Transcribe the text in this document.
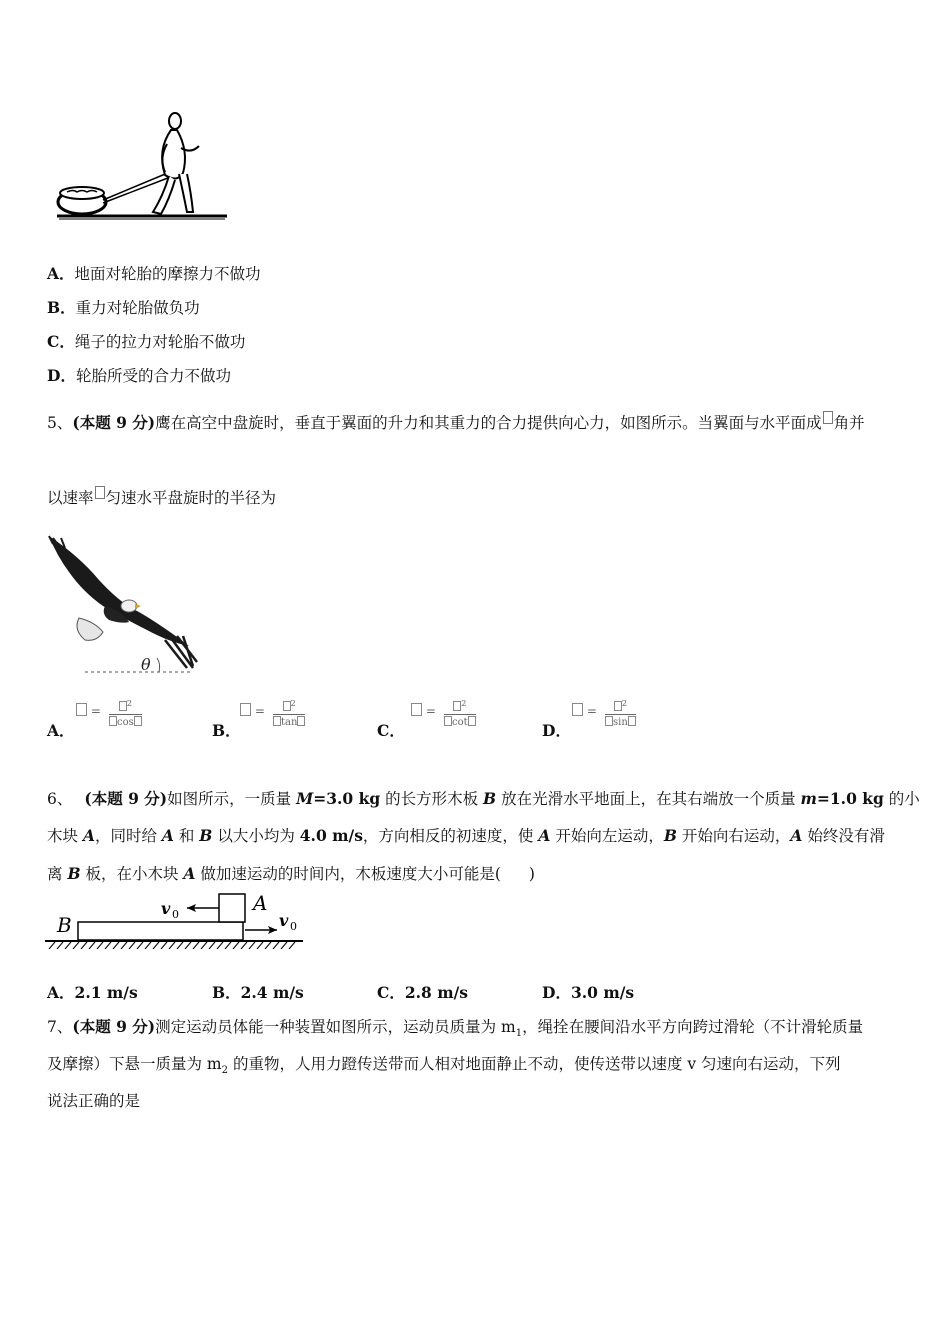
A．地面对轮胎的摩擦力不做功
B．重力对轮胎做负功
C．绳子的拉力对轮胎不做功
D．轮胎所受的合力不做功
5、(本题 9 分)鹰在高空中盘旋时，垂直于翼面的升力和其重力的合力提供向心力，如图所示。当翼面与水平面成 角并
以速率 匀速水平盘旋时的半径为
θ
A．
=
$^2$
cos	B．
=
$^2$
tan	C．
=
$^2$
cot	D．
=
$^2$
sin
6、 (本题 9 分)如图所示，一质量 M=3.0 kg 的长方形木板 B 放在光滑水平地面上，在其右端放一个质量 m=1.0 kg 的小
木块 A，同时给 A 和 B 以大小均为 4.0 m/s，方向相反的初速度，使 A 开始向左运动，B 开始向右运动，A 始终没有滑
离 B 板，在小木块 A 做加速运动的时间内，木板速度大小可能是( )
B
A
v 0	v 0
A．2.1 m/s	B．2.4 m/s	C．2.8 m/s	D．3.0 m/s
7、(本题 9 分)测定运动员体能一种装置如图所示，运动员质量为 $m_1$，绳拴在腰间沿水平方向跨过滑轮（不计滑轮质量
及摩擦）下悬一质量为 $m_2$ 的重物，人用力蹬传送带而人相对地面静止不动，使传送带以速度 v 匀速向右运动，下列
说法正确的是
